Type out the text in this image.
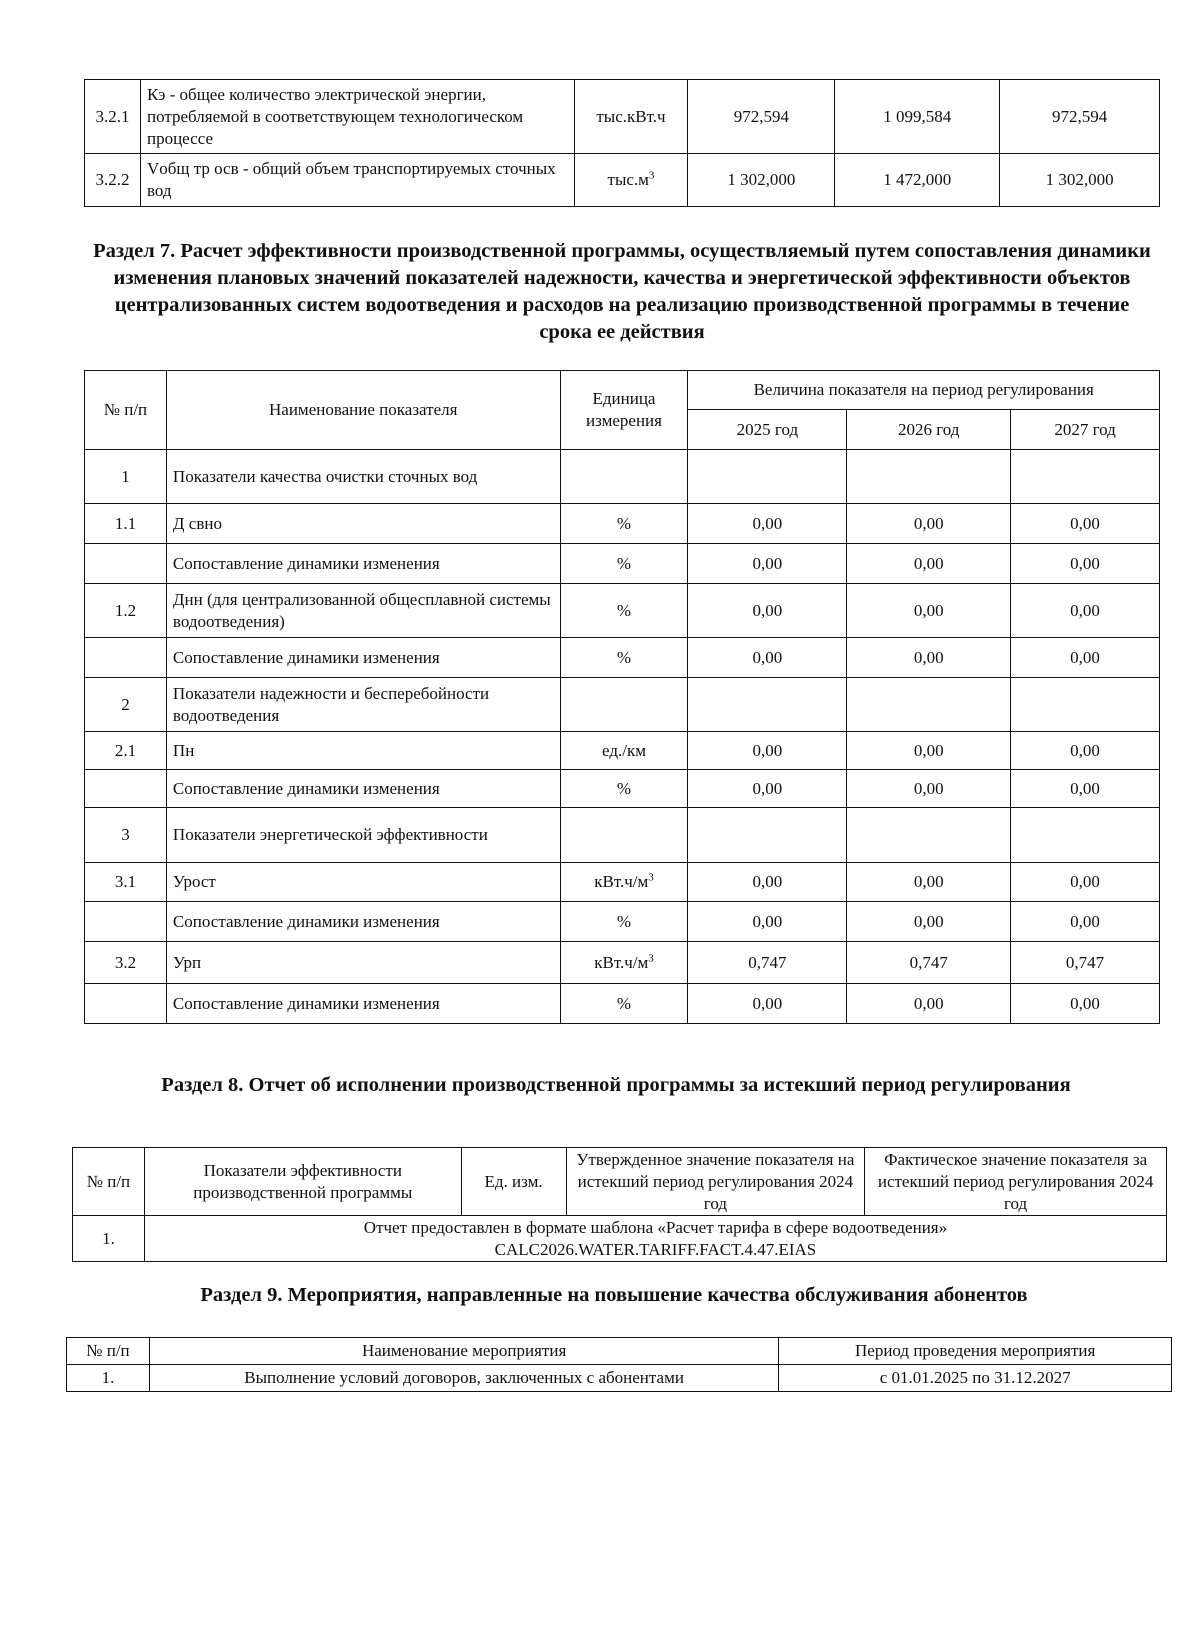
3.2.1	Кэ - общее количество электрической энергии, потребляемой в соответствующем технологическом процессе	тыс.кВт.ч	972,594	1 099,584	972,594
3.2.2	Vобщ тр осв - общий объем транспортируемых сточных вод	$тыс.м^3$	1 302,000	1 472,000	1 302,000
Раздел 7. Расчет эффективности производственной программы, осуществляемый путем сопоставления динамики изменения плановых значений показателей надежности, качества и энергетической эффективности объектов централизованных систем водоотведения и расходов на реализацию производственной программы в течение срока ее действия
№ п/п	Наименование показателя	Единица измерения	Величина показателя на период регулирования		
			2025 год	2026 год	2027 год
1	Показатели качества очистки сточных вод				
1.1	Д свно	%	0,00	0,00	0,00
	Сопоставление динамики изменения	%	0,00	0,00	0,00
1.2	Днн (для централизованной общесплавной системы водоотведения)	%	0,00	0,00	0,00
	Сопоставление динамики изменения	%	0,00	0,00	0,00
2	Показатели надежности и бесперебойности водоотведения				
2.1	Пн	ед./км	0,00	0,00	0,00
	Сопоставление динамики изменения	%	0,00	0,00	0,00
3	Показатели энергетической эффективности				
3.1	Урост	$кВт.ч/м^3$	0,00	0,00	0,00
	Сопоставление динамики изменения	%	0,00	0,00	0,00
3.2	Урп	$кВт.ч/м^3$	0,747	0,747	0,747
	Сопоставление динамики изменения	%	0,00	0,00	0,00
Раздел 8. Отчет об исполнении производственной программы за истекший период регулирования
№ п/п	Показатели эффективности производственной программы	Ед. изм.	Утвержденное значение показателя на истекший период регулирования 2024 год	Фактическое значение показателя за истекший период регулирования 2024 год
1.	Отчет предоставлен в формате шаблона «Расчет тарифа в сфере водоотведения»
CALC2026.WATER.TARIFF.FACT.4.47.EIAS			
Раздел 9. Мероприятия, направленные на повышение качества обслуживания абонентов
№ п/п	Наименование мероприятия	Период проведения мероприятия
1.	Выполнение условий договоров, заключенных с абонентами	с 01.01.2025 по 31.12.2027
